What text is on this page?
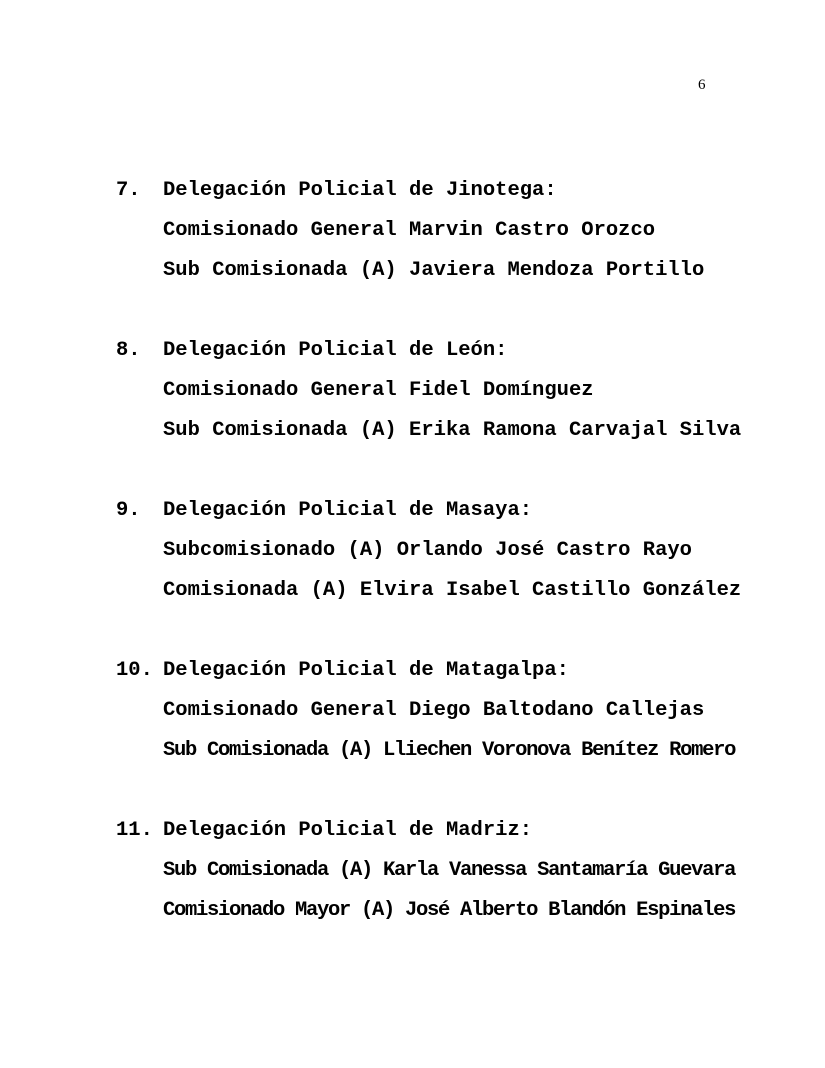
6
7.	Delegación Policial de Jinotega:
Comisionado General Marvin Castro Orozco
Sub Comisionada (A) Javiera Mendoza Portillo
8.	Delegación Policial de León:
Comisionado General Fidel Domínguez
Sub Comisionada (A) Erika Ramona Carvajal Silva
9.	Delegación Policial de Masaya:
Subcomisionado (A) Orlando José Castro Rayo
Comisionada (A) Elvira Isabel Castillo González
10. Delegación Policial de Matagalpa:
Comisionado General Diego Baltodano Callejas
Sub Comisionada (A) Lliechen Voronova Benítez Romero
11. Delegación Policial de Madriz:
Sub Comisionada (A) Karla Vanessa Santamaría Guevara
Comisionado Mayor (A) José Alberto Blandón Espinales
